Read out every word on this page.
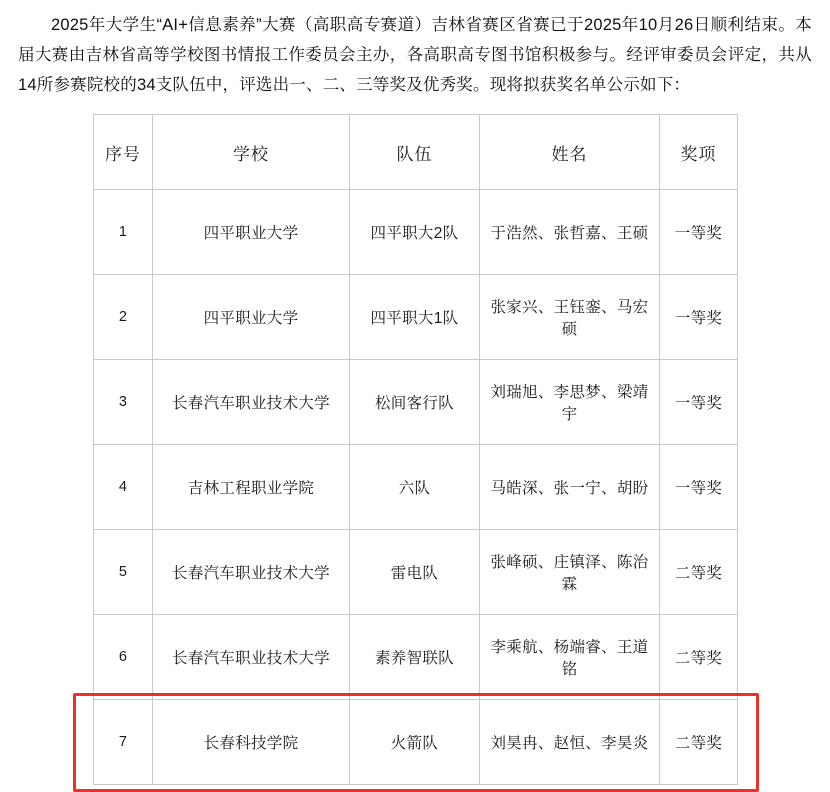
2025年大学生“AI+信息素养”大赛（高职高专赛道）吉林省赛区省赛已于2025年10月26日顺利结束。本届大赛由吉林省高等学校图书情报工作委员会主办，各高职高专图书馆积极参与。经评审委员会评定，共从14所参赛院校的34支队伍中，评选出一、二、三等奖及优秀奖。现将拟获奖名单公示如下：

序号	学校	队伍	姓名	奖项
1	四平职业大学	四平职大2队	于浩然、张哲嘉、王硕	一等奖
2	四平职业大学	四平职大1队	张家兴、王钰銮、马宏硕	一等奖
3	长春汽车职业技术大学	松间客行队	刘瑞旭、李思梦、梁靖宇	一等奖
4	吉林工程职业学院	六队	马皓深、张一宁、胡盼	一等奖
5	长春汽车职业技术大学	雷电队	张峰硕、庄镇泽、陈治霖	二等奖
6	长春汽车职业技术大学	素养智联队	李乘航、杨端睿、王道铭	二等奖
7	长春科技学院	火箭队	刘昊冉、赵恒、李昊炎	二等奖
